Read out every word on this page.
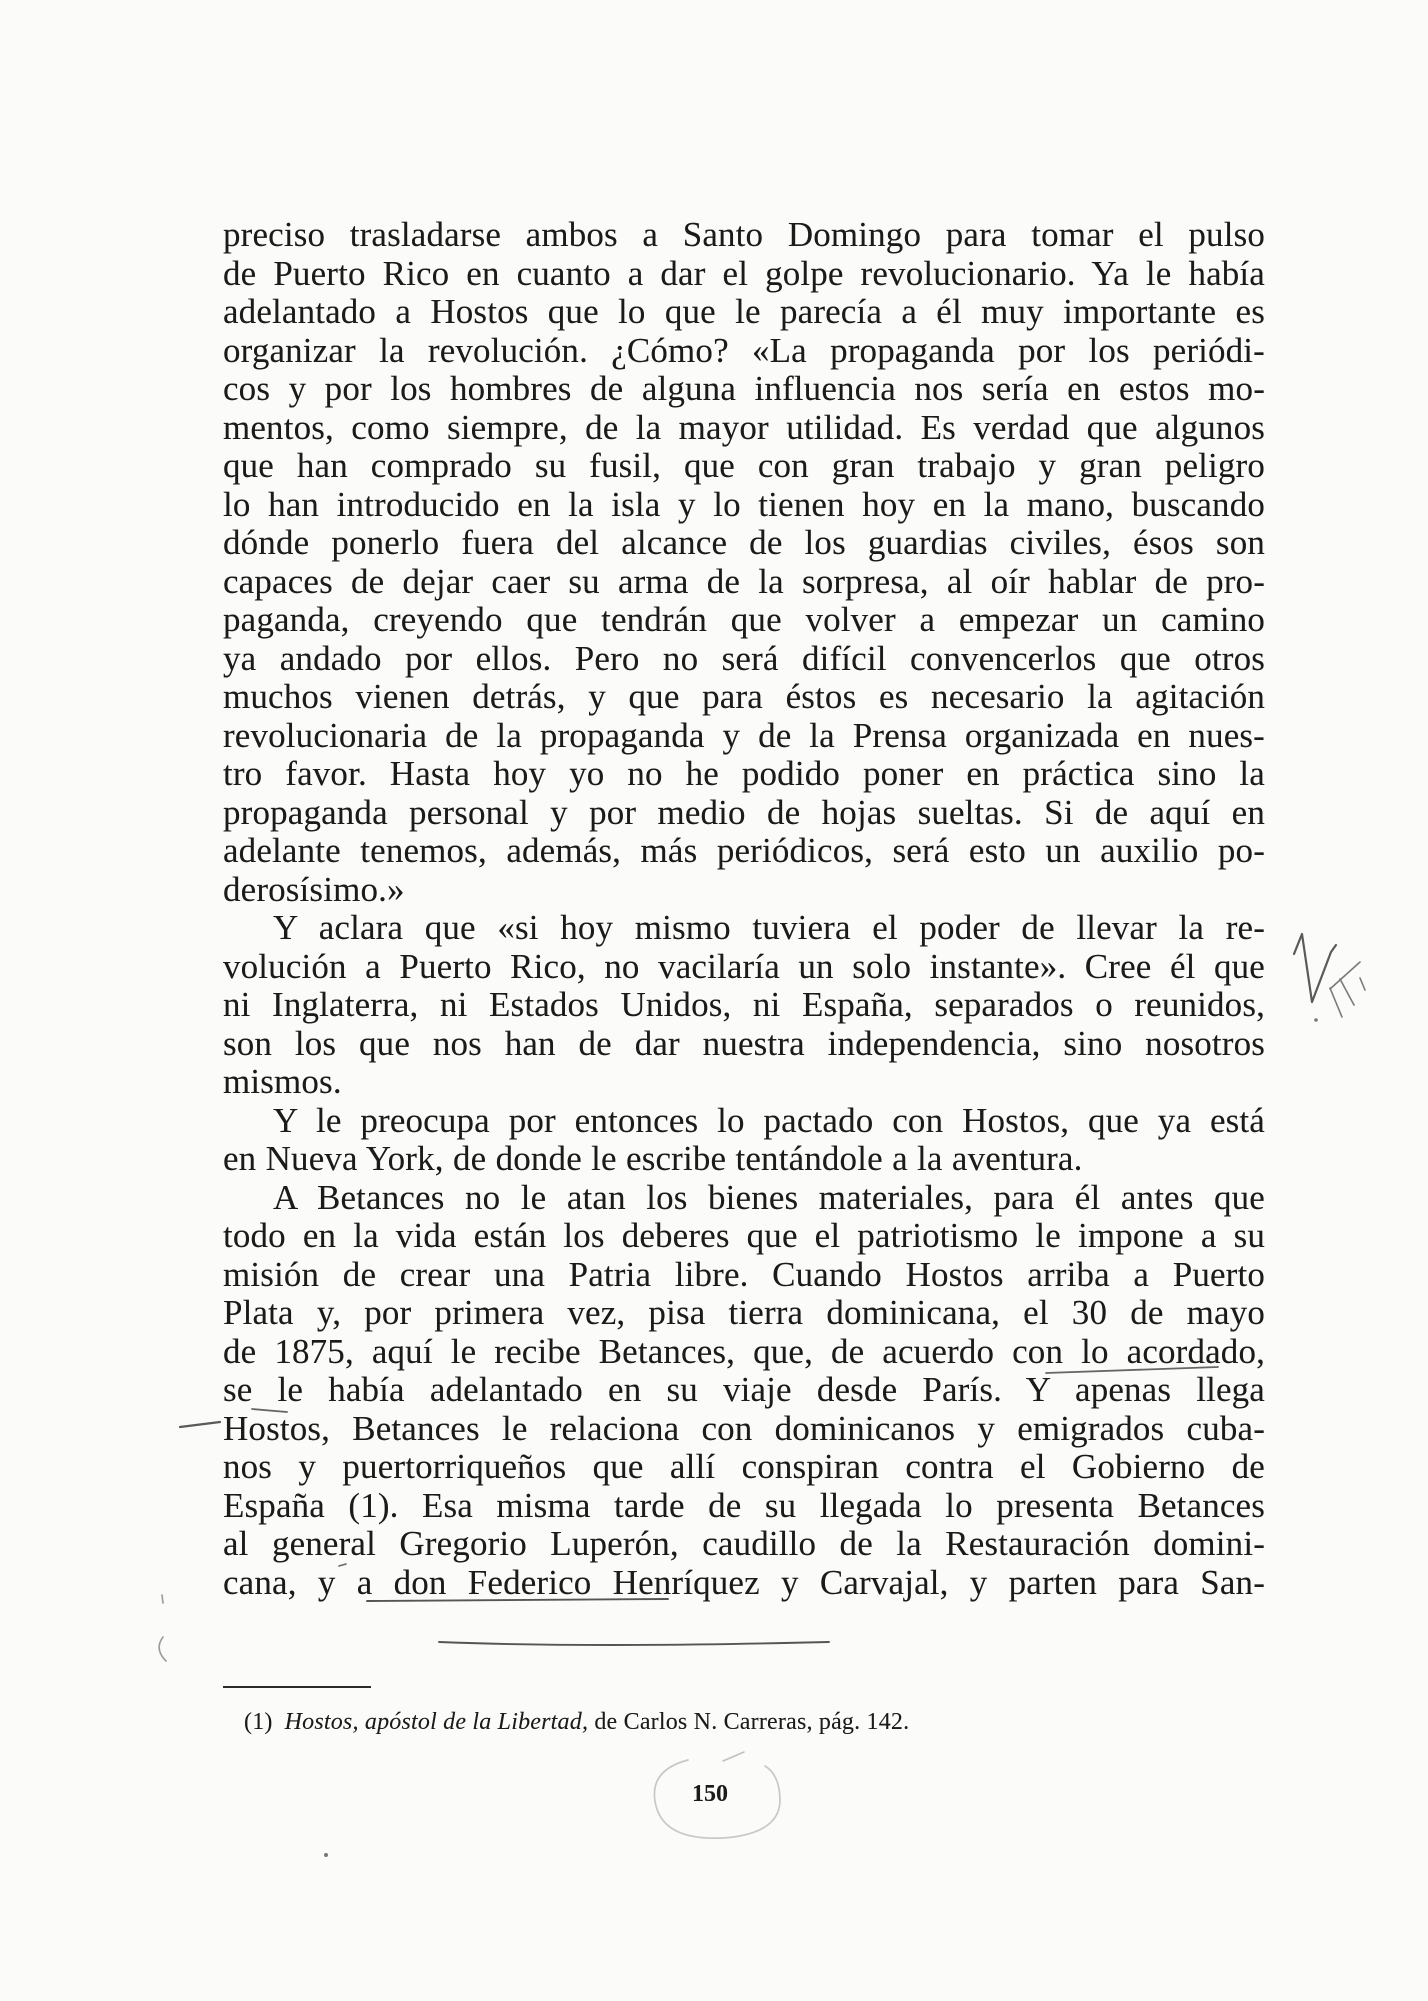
preciso trasladarse ambos a Santo Domingo para tomar el pulso
de Puerto Rico en cuanto a dar el golpe revolucionario. Ya le había
adelantado a Hostos que lo que le parecía a él muy importante es
organizar la revolución. ¿Cómo? «La propaganda por los periódi-
cos y por los hombres de alguna influencia nos sería en estos mo-
mentos, como siempre, de la mayor utilidad. Es verdad que algunos
que han comprado su fusil, que con gran trabajo y gran peligro
lo han introducido en la isla y lo tienen hoy en la mano, buscando
dónde ponerlo fuera del alcance de los guardias civiles, ésos son
capaces de dejar caer su arma de la sorpresa, al oír hablar de pro-
paganda, creyendo que tendrán que volver a empezar un camino
ya andado por ellos. Pero no será difícil convencerlos que otros
muchos vienen detrás, y que para éstos es necesario la agitación
revolucionaria de la propaganda y de la Prensa organizada en nues-
tro favor. Hasta hoy yo no he podido poner en práctica sino la
propaganda personal y por medio de hojas sueltas. Si de aquí en
adelante tenemos, además, más periódicos, será esto un auxilio po-
derosísimo.»
Y aclara que «si hoy mismo tuviera el poder de llevar la re-
volución a Puerto Rico, no vacilaría un solo instante». Cree él que
ni Inglaterra, ni Estados Unidos, ni España, separados o reunidos,
son los que nos han de dar nuestra independencia, sino nosotros
mismos.
Y le preocupa por entonces lo pactado con Hostos, que ya está
en Nueva York, de donde le escribe tentándole a la aventura.
A Betances no le atan los bienes materiales, para él antes que
todo en la vida están los deberes que el patriotismo le impone a su
misión de crear una Patria libre. Cuando Hostos arriba a Puerto
Plata y, por primera vez, pisa tierra dominicana, el 30 de mayo
de 1875, aquí le recibe Betances, que, de acuerdo con lo acordado,
se le había adelantado en su viaje desde París. Y apenas llega
Hostos, Betances le relaciona con dominicanos y emigrados cuba-
nos y puertorriqueños que allí conspiran contra el Gobierno de
España (1). Esa misma tarde de su llegada lo presenta Betances
al general Gregorio Luperón, caudillo de la Restauración domini-
cana, y a don Federico Henríquez y Carvajal, y parten para San-
(1) Hostos, apóstol de la Libertad, de Carlos N. Carreras, pág. 142.
150
